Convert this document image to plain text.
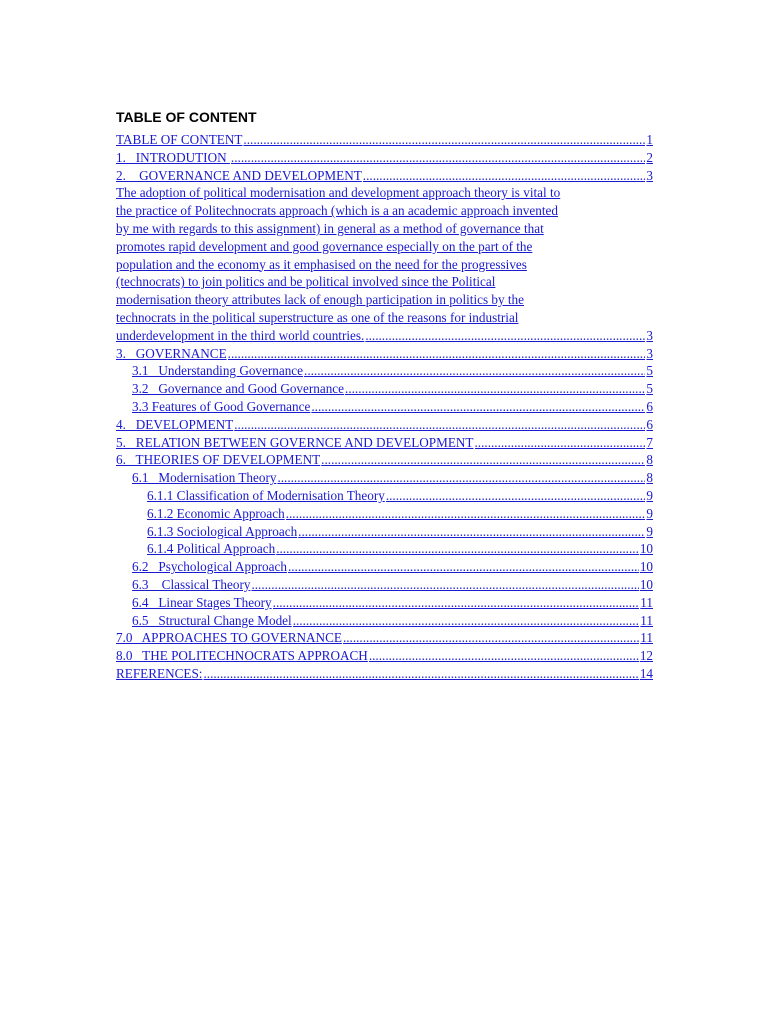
TABLE OF CONTENT
TABLE OF CONTENT .....	1
1.   INTRODUTION .....	2
2.    GOVERNANCE AND DEVELOPMENT .....	3
The adoption of political modernisation and development approach theory is vital to
the practice of Politechnocrats approach (which is a an academic approach invented
by me with regards to this assignment) in general as a method of governance that
promotes rapid development and good governance especially on the part of the
population and the economy as it emphasised on the need for the progressives
(technocrats) to join politics and be political involved since the Political
modernisation theory attributes lack of enough participation in politics by the
technocrats in the political superstructure as one of the reasons for industrial
underdevelopment in the third world countries. .....	3
3.   GOVERNANCE .....	3
3.1   Understanding Governance .....	5
3.2   Governance and Good Governance .....	5
3.3 Features of Good Governance .....	6
4.   DEVELOPMENT .....	6
5.   RELATION BETWEEN GOVERNCE AND DEVELOPMENT .....	7
6.   THEORIES OF DEVELOPMENT .....	8
6.1   Modernisation Theory .....	8
6.1.1 Classification of Modernisation Theory .....	9
6.1.2 Economic Approach .....	9
6.1.3 Sociological Approach .....	9
6.1.4 Political Approach .....	10
6.2   Psychological Approach .....	10
6.3    Classical Theory .....	10
6.4   Linear Stages Theory .....	11
6.5   Structural Change Model .....	11
7.0   APPROACHES TO GOVERNANCE .....	11
8.0   THE POLITECHNOCRATS APPROACH .....	12
REFERENCES: .....	14
